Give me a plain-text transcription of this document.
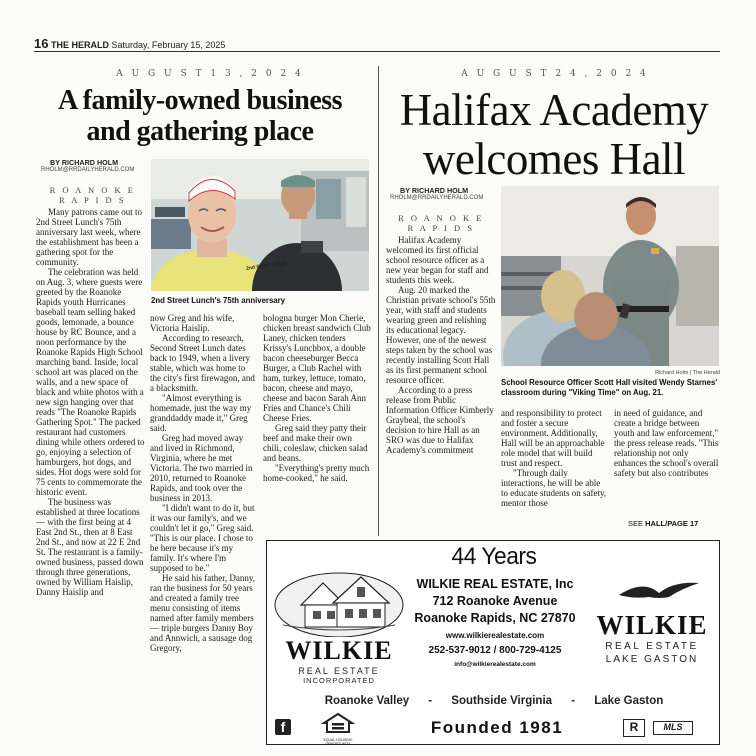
16 THE HERALD Saturday, February 15, 2025
A U G U S T 1 3 , 2 0 2 4
A family-owned business
and gathering place
BY RICHARD HOLM
RHOLM@RRDAILYHERALD.COM
R O A N O K E
R A P I D S

Many patrons came out to 2nd Street Lunch's 75th anniversary last week, where the establishment has been a gathering spot for the community.

The celebration was held on Aug. 3, where guests were greeted by the Roanoke Rapids youth Hurricanes baseball team selling baked goods, lemonade, a bounce house by RC Bounce, and a noon performance by the Roanoke Rapids High School marching band. Inside, local school art was placed on the walls, and a new space of black and white photos with a new sign hanging over that reads "The Roanoke Rapids Gathering Spot." The packed restaurant had customers dining while others ordered to go, enjoying a selection of hamburgers, hot dogs, and sides. Hot dogs were sold for 75 cents to commemorate the historic event.

The business was established at three locations — with the first being at 4 East 2nd St., then at 8 East 2nd St., and now at 22 E 2nd St. The restaurant is a family-owned business, passed down through three generations, owned by William Haislip, Danny Haislip and

2nd Street Lunch
2nd Street Lunch's 75th anniversary

now Greg and his wife, Victoria Haislip.

According to research, Second Street Lunch dates back to 1949, when a livery stable, which was home to the city's first firewagon, and a blacksmith.

"Almost everything is homemade, just the way my granddaddy made it," Greg said.

Greg had moved away and lived in Richmond, Virginia, where he met Victoria. The two married in 2010, returned to Roanoke Rapids, and took over the business in 2013.

"I didn't want to do it, but it was our family's, and we couldn't let it go," Greg said. "This is our place. I chose to be here because it's my family. It's where I'm supposed to be."

He said his father, Danny, ran the business for 50 years and created a family tree menu consisting of items named after family members — triple burgers Danny Boy and Annwich, a sausage dog Gregory,

bologna burger Mon Cherie, chicken breast sandwich Club Laney, chicken tenders Krissy's Lunchbox, a double bacon cheeseburger Becca Burger, a Club Rachel with ham, turkey, lettuce, tomato, bacon, cheese and mayo, cheese and bacon Sarah Ann Fries and Chance's Chili Cheese Fries.

Greg said they patty their beef and make their own chili, coleslaw, chicken salad and beans.

"Everything's pretty much home-cooked," he said.

A U G U S T 2 4 , 2 0 2 4
Halifax Academy
welcomes Hall
BY RICHARD HOLM
RHOLM@RRDAILYHERALD.COM
R O A N O K E
R A P I D S

Halifax Academy welcomed its first official school resource officer as a new year began for staff and students this week.

Aug. 20 marked the Christian private school's 55th year, with staff and students wearing green and relishing its educational legacy. However, one of the newest steps taken by the school was recently installing Scott Hall as its first permanent school resource officer.

According to a press release from Public Information Officer Kimberly Graybeal, the school's decision to hire Hall as an SRO was due to Halifax Academy's commitment

Richard Holm | The Herald
School Resource Officer Scott Hall visited Wendy Starnes' classroom during "Viking Time" on Aug. 21.

and responsibility to protect and foster a secure environment. Additionally, Hall will be an approachable role model that will build trust and respect.

"Through daily interactions, he will be able to educate students on safety, mentor those

in need of guidance, and create a bridge between youth and law enforcement," the press release reads. "This relationship not only enhances the school's overall safety but also contributes

SEE HALL/PAGE 17
44 Years
WILKIE
REAL ESTATE
INCORPORATED
WILKIE REAL ESTATE, Inc
712 Roanoke Avenue
Roanoke Rapids, NC 27870
www.wilkierealestate.com
252-537-9012 / 800-729-4125
info@wilkierealestate.com
WILKIE
REAL ESTATE
LAKE GASTON
Roanoke Valley - Southside Virginia - Lake Gaston
f
EQUAL HOUSING OPPORTUNITY
Founded 1981	R	MLS
